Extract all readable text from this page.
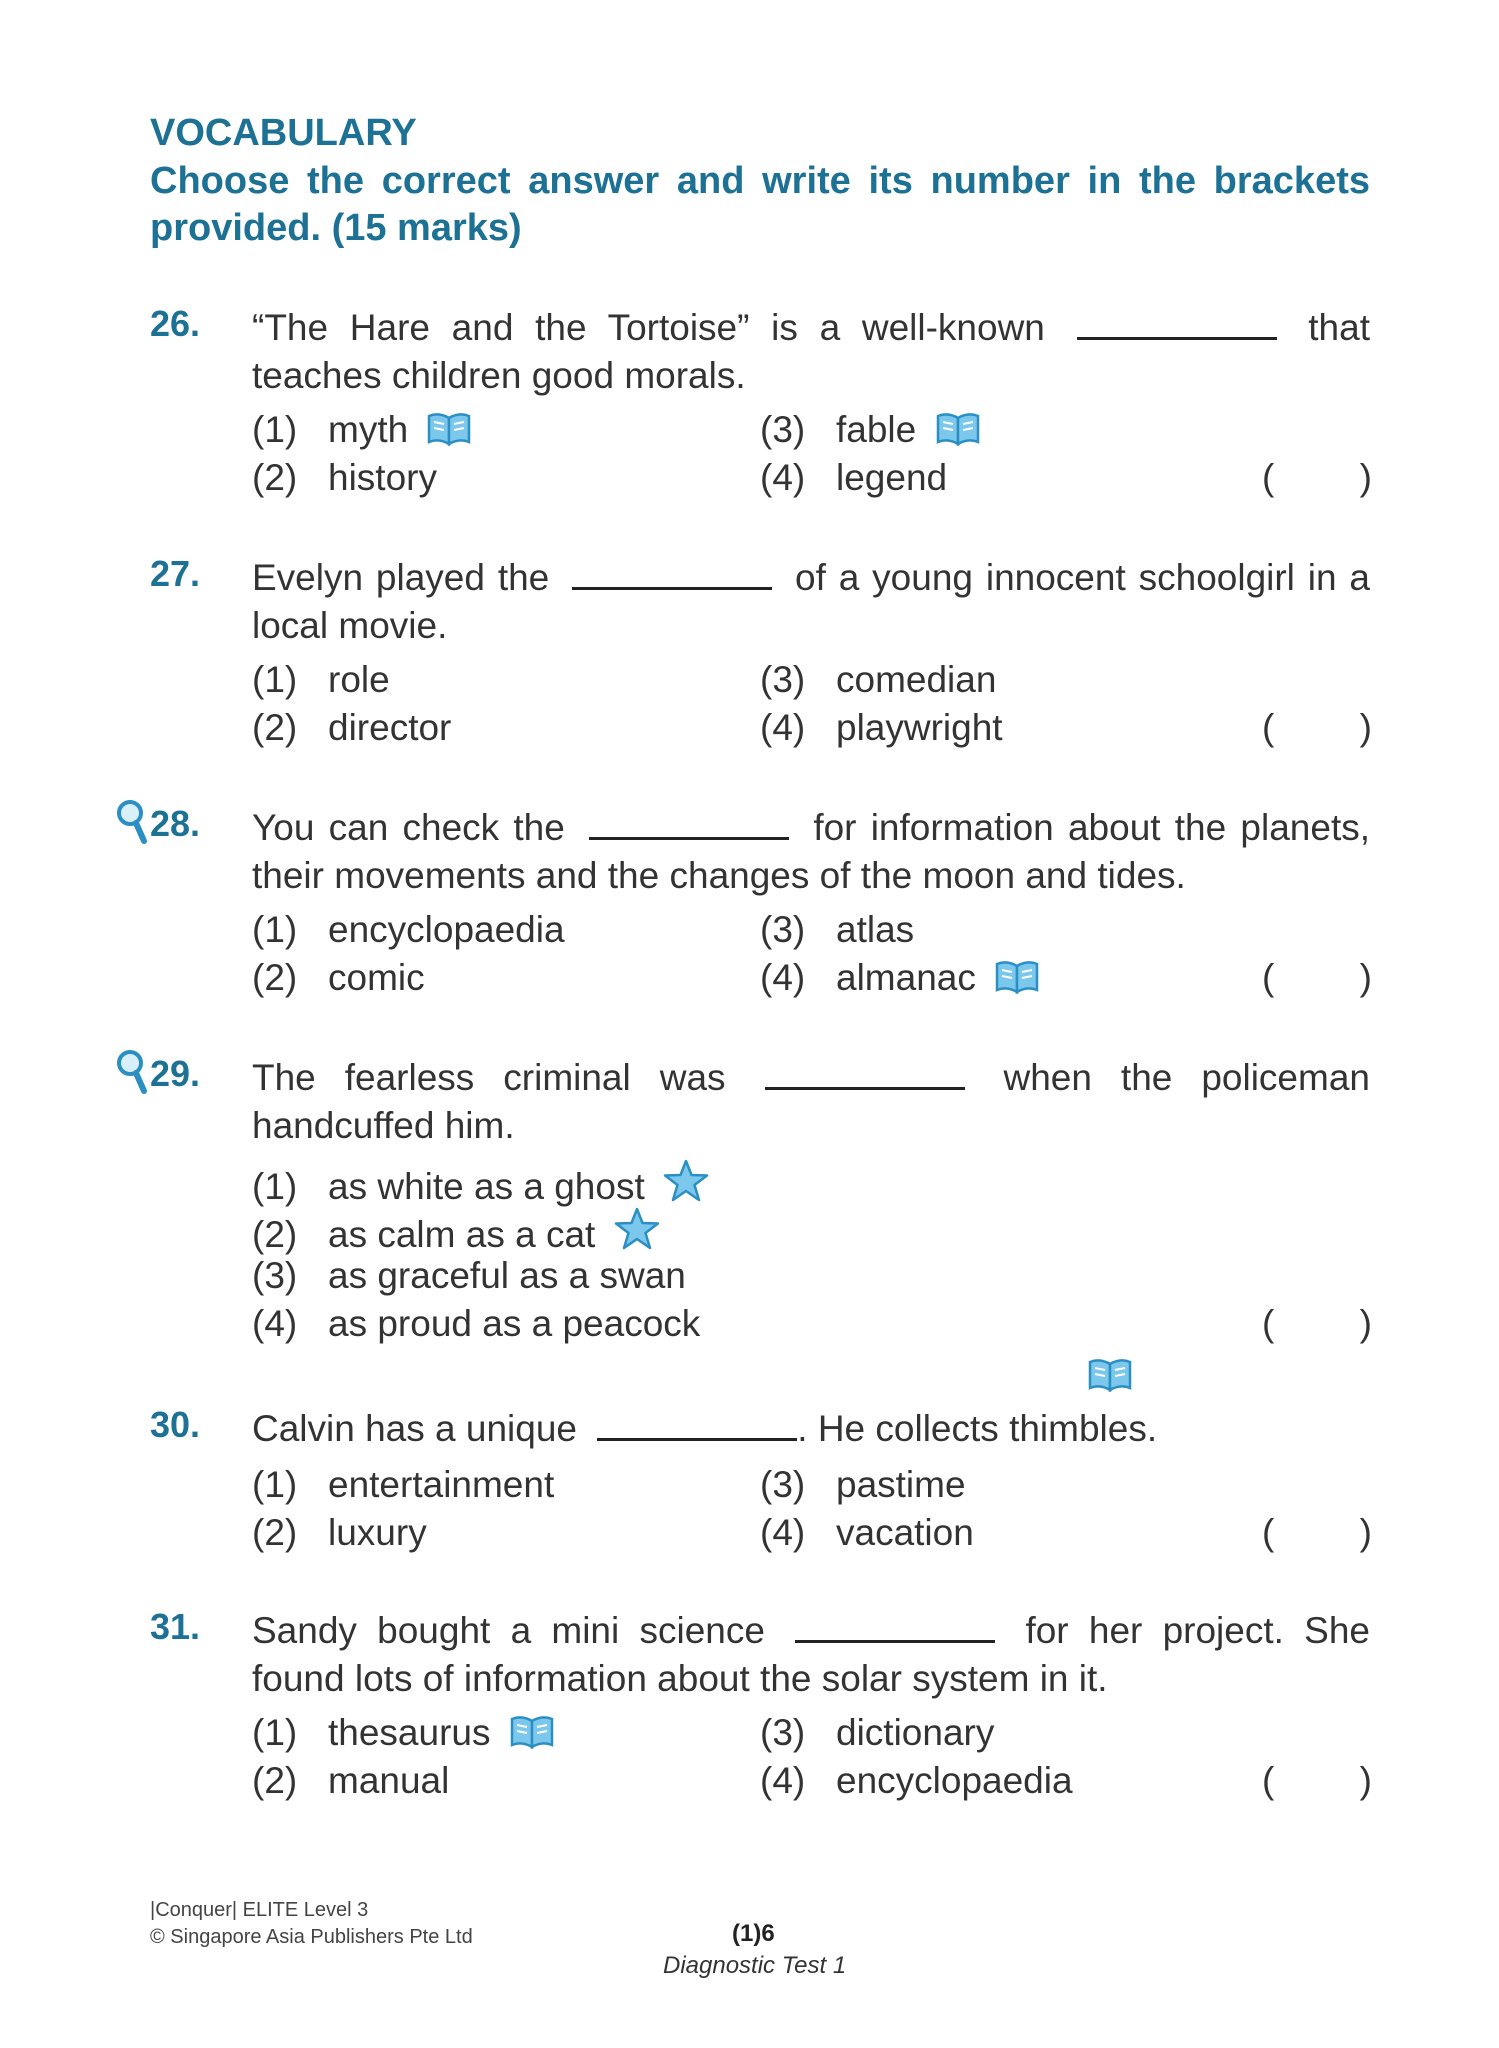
VOCABULARY

Choose the correct answer and write its number in the brackets provided. (15 marks)

26. “The Hare and the Tortoise” is a well-known	that teaches children good morals.
(1) myth
(2) history
(3) fable
(4) legend	( )
27. Evelyn played the	of a young innocent schoolgirl in a local movie.
(1) role
(2) director
(3) comedian
(4) playwright	( )
28. You can check the	for information about the planets, their movements and the changes of the moon and tides.
(1) encyclopaedia
(2) comic
(3) atlas
(4) almanac	( )
29. The fearless criminal was	when the policeman handcuffed him.
(1) as white as a ghost
(2) as calm as a cat
(3) as graceful as a swan
(4) as proud as a peacock	( )
30. Calvin has a unique	. He collects thimbles.
(1) entertainment
(2) luxury
(3) pastime
(4) vacation	( )
31. Sandy bought a mini science	for her project. She found lots of information about the solar system in it.
(1) thesaurus
(2) manual
(3) dictionary
(4) encyclopaedia	( )
|Conquer| ELITE Level 3
© Singapore Asia Publishers Pte Ltd	(1)6
Diagnostic Test 1
